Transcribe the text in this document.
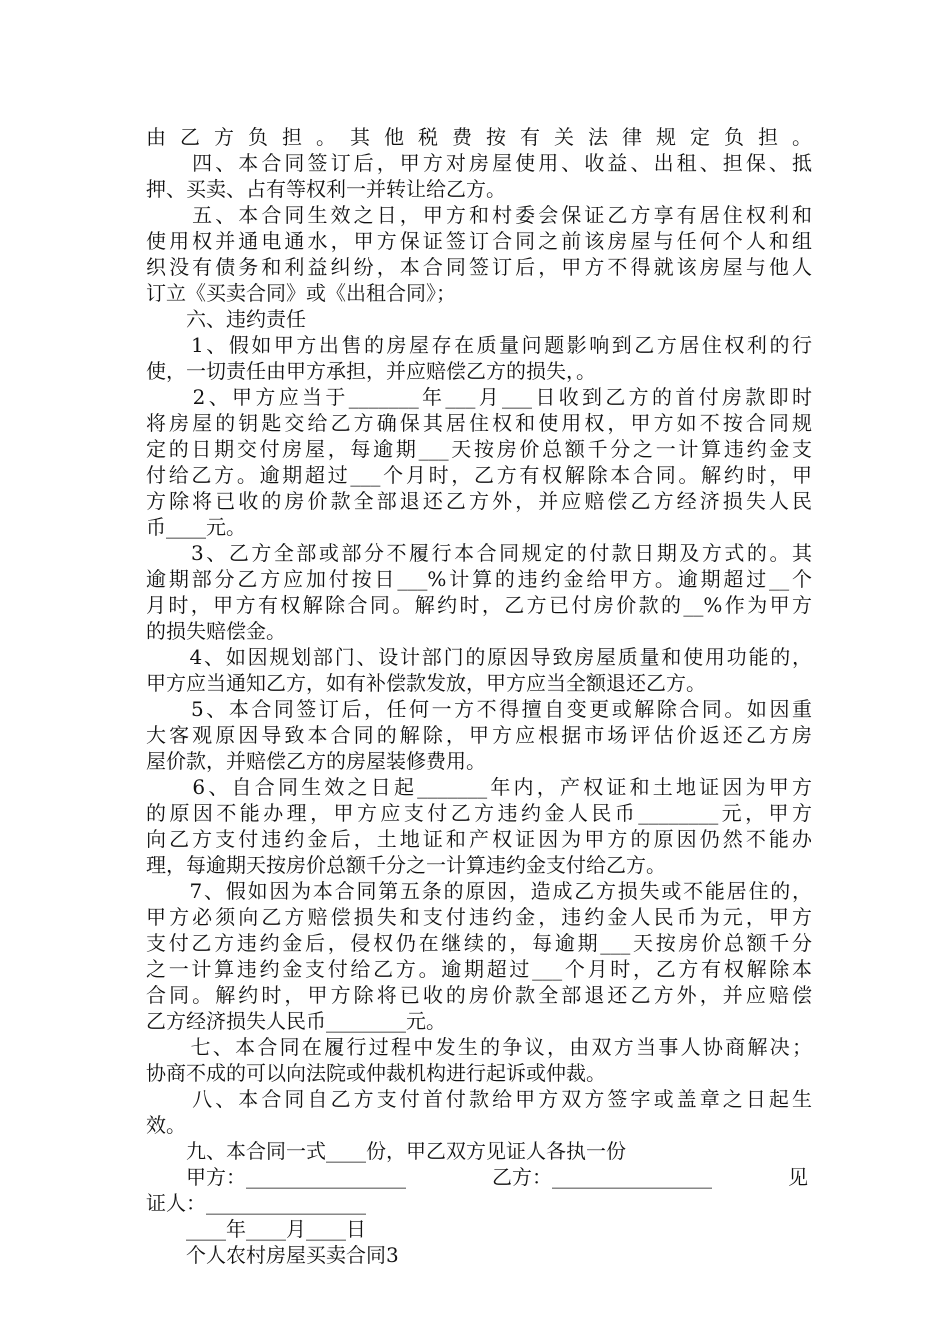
由乙方负担。其他税费按有关法律规定负担。
　　四、本合同签订后，甲方对房屋使用、收益、出租、担保、抵
押、买卖、占有等权利一并转让给乙方。
　　五、本合同生效之日，甲方和村委会保证乙方享有居住权利和
使用权并通电通水，甲方保证签订合同之前该房屋与任何个人和组
织没有债务和利益纠纷，本合同签订后，甲方不得就该房屋与他人
订立《买卖合同》或《出租合同》；
　　六、违约责任
　　1、假如甲方出售的房屋存在质量问题影响到乙方居住权利的行
使，一切责任由甲方承担，并应赔偿乙方的损失，。
　　2、甲方应当于_______年___月___日收到乙方的首付房款即时
将房屋的钥匙交给乙方确保其居住权和使用权，甲方如不按合同规
定的日期交付房屋，每逾期___天按房价总额千分之一计算违约金支
付给乙方。逾期超过___个月时，乙方有权解除本合同。解约时，甲
方除将已收的房价款全部退还乙方外，并应赔偿乙方经济损失人民
币____元。
　　3、乙方全部或部分不履行本合同规定的付款日期及方式的。其
逾期部分乙方应加付按日___%计算的违约金给甲方。逾期超过__个
月时，甲方有权解除合同。解约时，乙方已付房价款的__%作为甲方
的损失赔偿金。
　　4、如因规划部门、设计部门的原因导致房屋质量和使用功能的，
甲方应当通知乙方，如有补偿款发放，甲方应当全额退还乙方。
　　5、本合同签订后，任何一方不得擅自变更或解除合同。如因重
大客观原因导致本合同的解除，甲方应根据市场评估价返还乙方房
屋价款，并赔偿乙方的房屋装修费用。
　　6、自合同生效之日起_______年内，产权证和土地证因为甲方
的原因不能办理，甲方应支付乙方违约金人民币________元，甲方
向乙方支付违约金后，土地证和产权证因为甲方的原因仍然不能办
理，每逾期天按房价总额千分之一计算违约金支付给乙方。
　　7、假如因为本合同第五条的原因，造成乙方损失或不能居住的，
甲方必须向乙方赔偿损失和支付违约金，违约金人民币为元，甲方
支付乙方违约金后，侵权仍在继续的，每逾期___天按房价总额千分
之一计算违约金支付给乙方。逾期超过___个月时，乙方有权解除本
合同。解约时，甲方除将已收的房价款全部退还乙方外，并应赔偿
乙方经济损失人民币________元。
　　七、本合同在履行过程中发生的争议，由双方当事人协商解决；
协商不成的可以向法院或仲裁机构进行起诉或仲裁。
　　八、本合同自乙方支付首付款给甲方双方签字或盖章之日起生
效。
　　九、本合同一式____份，甲乙双方见证人各执一份
　　甲方：________________	乙方：________________	见
证人：________________
　　____年____月____日
　　个人农村房屋买卖合同3
